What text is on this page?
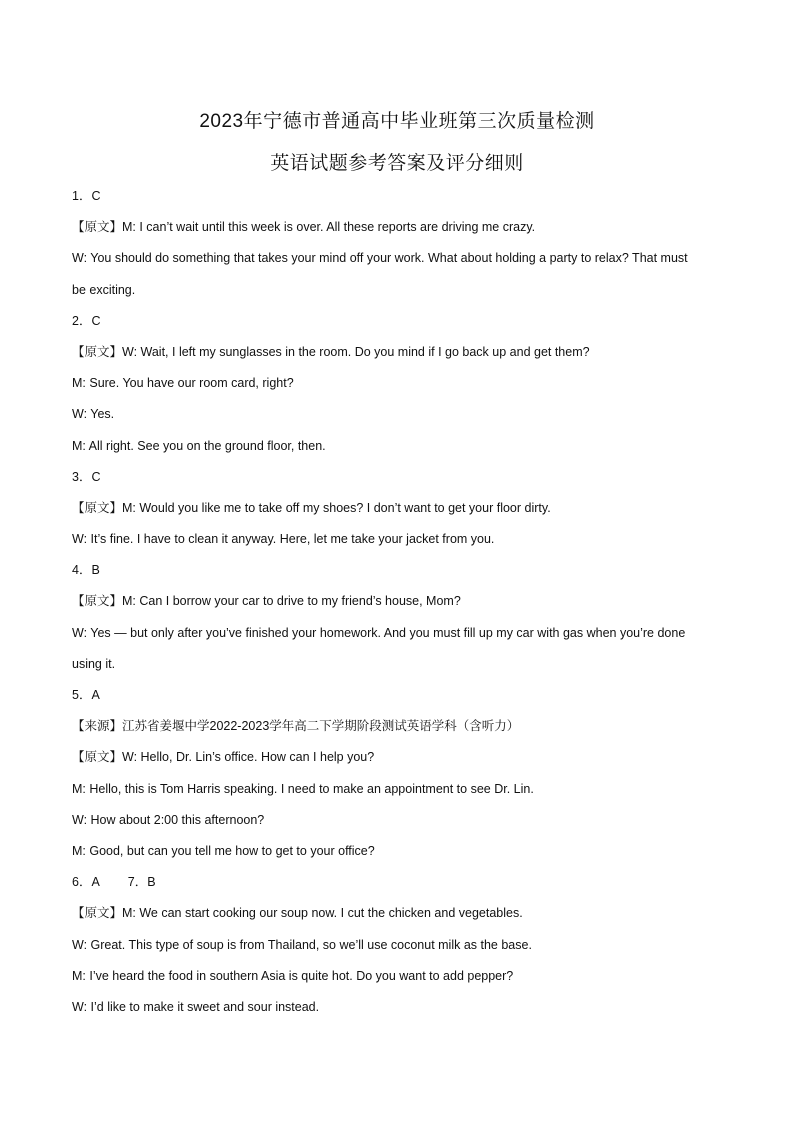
2023年宁德市普通高中毕业班第三次质量检测
英语试题参考答案及评分细则
1．C
【原文】M: I can’t wait until this week is over. All these reports are driving me crazy.
W: You should do something that takes your mind off your work. What about holding a party to relax? That must
be exciting.
2．C
【原文】W: Wait, I left my sunglasses in the room. Do you mind if I go back up and get them?
M: Sure. You have our room card, right?
W: Yes.
M: All right. See you on the ground floor, then.
3．C
【原文】M: Would you like me to take off my shoes? I don’t want to get your floor dirty.
W: It’s fine. I have to clean it anyway. Here, let me take your jacket from you.
4．B
【原文】M: Can I borrow your car to drive to my friend’s house, Mom?
W: Yes — but only after you’ve finished your homework. And you must fill up my car with gas when you’re done
using it.
5．A
【来源】江苏省姜堰中学2022-2023学年高二下学期阶段测试英语学科（含听力）
【原文】W: Hello, Dr. Lin’s office. How can I help you?
M: Hello, this is Tom Harris speaking. I need to make an appointment to see Dr. Lin.
W: How about 2:00 this afternoon?
M: Good, but can you tell me how to get to your office?
6．A 7．B
【原文】M: We can start cooking our soup now. I cut the chicken and vegetables.
W: Great. This type of soup is from Thailand, so we’ll use coconut milk as the base.
M: I’ve heard the food in southern Asia is quite hot. Do you want to add pepper?
W: I’d like to make it sweet and sour instead.
